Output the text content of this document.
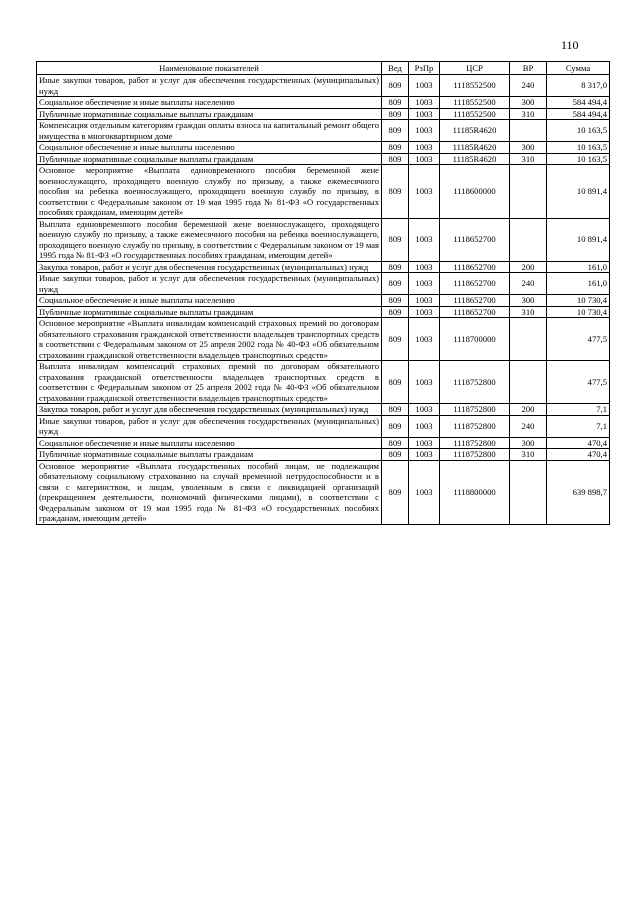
110
Наименование показателей	Вед	РзПр	ЦСР	ВР	Сумма
Иные закупки товаров, работ и услуг для обеспечения государственных (муниципальных) нужд	809	1003	1118552500	240	8 317,0
Социальное обеспечение и иные выплаты населению	809	1003	1118552500	300	584 494,4
Публичные нормативные социальные выплаты гражданам	809	1003	1118552500	310	584 494,4
Компенсация отдельным категориям граждан оплаты взноса на капитальный ремонт общего имущества в многоквартирном доме	809	1003	11185R4620		10 163,5
Социальное обеспечение и иные выплаты населению	809	1003	11185R4620	300	10 163,5
Публичные нормативные социальные выплаты гражданам	809	1003	11185R4620	310	10 163,5
Основное мероприятие «Выплата единовременного пособия беременной жене военнослужащего, проходящего военную службу по призыву, а также ежемесячного пособия на ребенка военнослужащего, проходящего военную службу по призыву, в соответствии с Федеральным законом от 19 мая 1995 года № 81-ФЗ «О государственных пособиях гражданам, имеющим детей»	809	1003	1118600000		10 891,4
Выплата единовременного пособия беременной жене военнослужащего, проходящего военную службу по призыву, а также ежемесячного пособия на ребенка военнослужащего, проходящего военную службу по призыву, в соответствии с Федеральным законом от 19 мая 1995 года № 81-ФЗ «О государственных пособиях гражданам, имеющим детей»	809	1003	1118652700		10 891,4
Закупка товаров, работ и услуг для обеспечения государственных (муниципальных) нужд	809	1003	1118652700	200	161,0
Иные закупки товаров, работ и услуг для обеспечения государственных (муниципальных) нужд	809	1003	1118652700	240	161,0
Социальное обеспечение и иные выплаты населению	809	1003	1118652700	300	10 730,4
Публичные нормативные социальные выплаты гражданам	809	1003	1118652700	310	10 730,4
Основное мероприятие «Выплата инвалидам компенсаций страховых премий по договорам обязательного страхования гражданской ответственности владельцев транспортных средств в соответствии с Федеральным законом от 25 апреля 2002 года № 40-ФЗ «Об обязательном страховании гражданской ответственности владельцев транспортных средств»	809	1003	1118700000		477,5
Выплата инвалидам компенсаций страховых премий по договорам обязательного страхования гражданской ответственности владельцев транспортных средств в соответствии с Федеральным законом от 25 апреля 2002 года № 40-ФЗ «Об обязательном страховании гражданской ответственности владельцев транспортных средств»	809	1003	1118752800		477,5
Закупка товаров, работ и услуг для обеспечения государственных (муниципальных) нужд	809	1003	1118752800	200	7,1
Иные закупки товаров, работ и услуг для обеспечения государственных (муниципальных) нужд	809	1003	1118752800	240	7,1
Социальное обеспечение и иные выплаты населению	809	1003	1118752800	300	470,4
Публичные нормативные социальные выплаты гражданам	809	1003	1118752800	310	470,4
Основное мероприятие «Выплата государственных пособий лицам, не подлежащим обязательному социальному страхованию на случай временной нетрудоспособности и в связи с материнством, и лицам, уволенным в связи с ликвидацией организаций (прекращением деятельности, полномочий физическими лицами), в соответствии с Федеральным законом от 19 мая 1995 года № 81-ФЗ «О государственных пособиях гражданам, имеющим детей»	809	1003	1118800000		639 898,7
